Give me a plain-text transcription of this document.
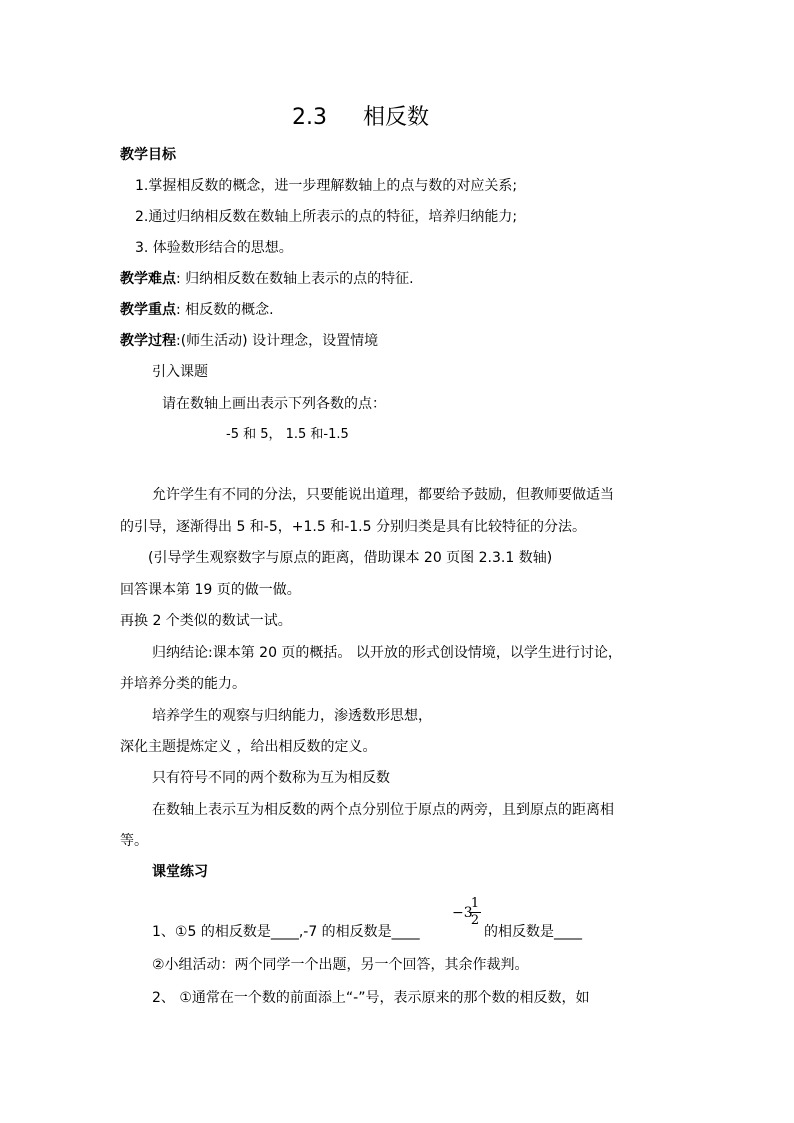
2.3 相反数
教学目标
1.掌握相反数的概念，进一步理解数轴上的点与数的对应关系;
2.通过归纳相反数在数轴上所表示的点的特征，培养归纳能力;
3. 体验数形结合的思想。
教学难点: 归纳相反数在数轴上表示的点的特征.
教学重点: 相反数的概念.
教学过程:(师生活动) 设计理念，设置情境
引入课题
请在数轴上画出表示下列各数的点：
-5 和 5， 1.5 和-1.5
允许学生有不同的分法，只要能说出道理，都要给予鼓励，但教师要做适当
的引导，逐渐得出 5 和-5，+1.5 和-1.5 分别归类是具有比较特征的分法。
(引导学生观察数字与原点的距离，借助课本 20 页图 2.3.1 数轴)
回答课本第 19 页的做一做。
再换 2 个类似的数试一试。
归纳结论:课本第 20 页的概括。 以开放的形式创设情境，以学生进行讨论，
并培养分类的能力。
培养学生的观察与归纳能力，渗透数形思想，
深化主题提炼定义 ，给出相反数的定义。
只有符号不同的两个数称为互为相反数
在数轴上表示互为相反数的两个点分别位于原点的两旁，且到原点的距离相
等。
课堂练习
1、①5 的相反数是____,-7 的相反数是____
−3
$\frac{1}{2}$
的相反数是____
②小组活动：两个同学一个出题，另一个回答，其余作裁判。
2、 ①通常在一个数的前面添上“-”号，表示原来的那个数的相反数，如
